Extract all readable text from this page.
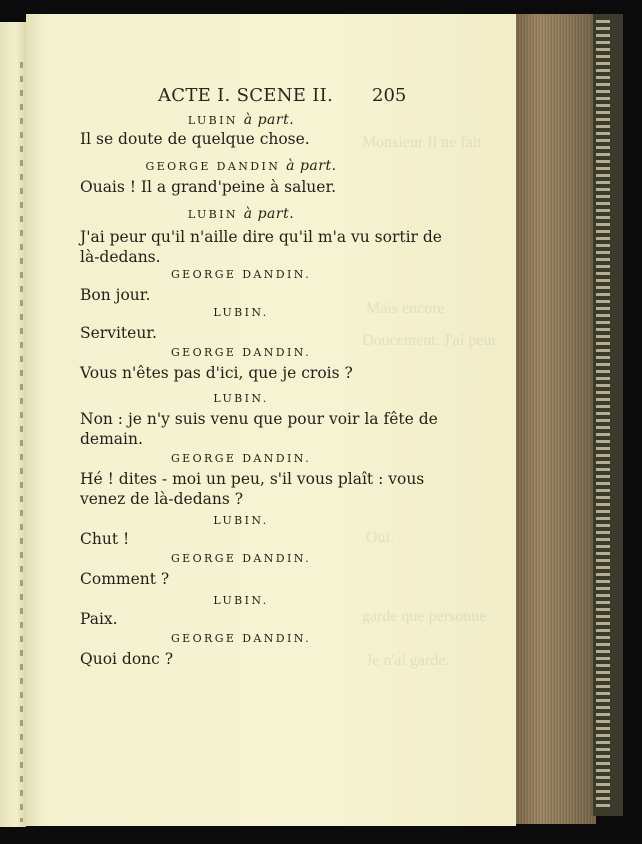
Monsieur Il ne fait
Mais encore
Doucement. J'ai peur
Oui.
garde que personne
Je n'ai garde.
ACTE I. SCENE II. 205
LUBIN à part.
Il se doute de quelque chose.
GEORGE DANDIN à part.
Ouais ! Il a grand'peine à saluer.
LUBIN à part.
J'ai peur qu'il n'aille dire qu'il m'a vu sortir de
là-dedans.
GEORGE DANDIN.
Bon jour.
LUBIN.
Serviteur.
GEORGE DANDIN.
Vous n'êtes pas d'ici, que je crois ?
LUBIN.
Non : je n'y suis venu que pour voir la fête de
demain.
GEORGE DANDIN.
Hé ! dites - moi un peu, s'il vous plaît : vous
venez de là-dedans ?
LUBIN.
Chut !
GEORGE DANDIN.
Comment ?
LUBIN.
Paix.
GEORGE DANDIN.
Quoi donc ?
